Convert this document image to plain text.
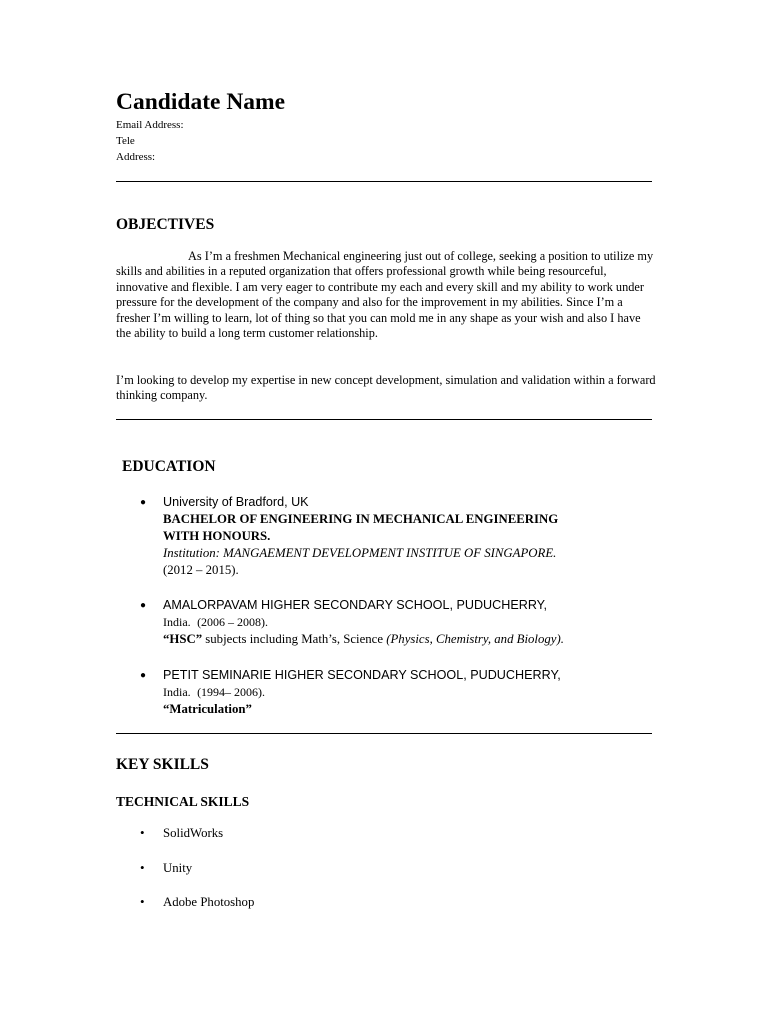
Candidate Name
Email Address:
Tele
Address:
OBJECTIVES

As I’m a freshmen Mechanical engineering just out of college, seeking a position to utilize my skills and abilities in a reputed organization that offers professional growth while being resourceful, innovative and flexible. I am very eager to contribute my each and every skill and my ability to work under pressure for the development of the company and also for the improvement in my abilities. Since I’m a fresher I’m willing to learn, lot of thing so that you can mold me in any shape as your wish and also I have the ability to build a long term customer relationship.

I’m looking to develop my expertise in new concept development, simulation and validation within a forward thinking company.

EDUCATION
● University of Bradford, UK
BACHELOR OF ENGINEERING IN MECHANICAL ENGINEERING
WITH HONOURS.
Institution: MANGAEMENT DEVELOPMENT INSTITUE OF SINGAPORE.
(2012 – 2015).
● AMALORPAVAM HIGHER SECONDARY SCHOOL, PUDUCHERRY,
India. (2006 – 2008).
“HSC” subjects including Math’s, Science (Physics, Chemistry, and Biology).
● PETIT SEMINARIE HIGHER SECONDARY SCHOOL, PUDUCHERRY,
India. (1994– 2006).
“Matriculation”
KEY SKILLS
TECHNICAL SKILLS
• SolidWorks
• Unity
• Adobe Photoshop
